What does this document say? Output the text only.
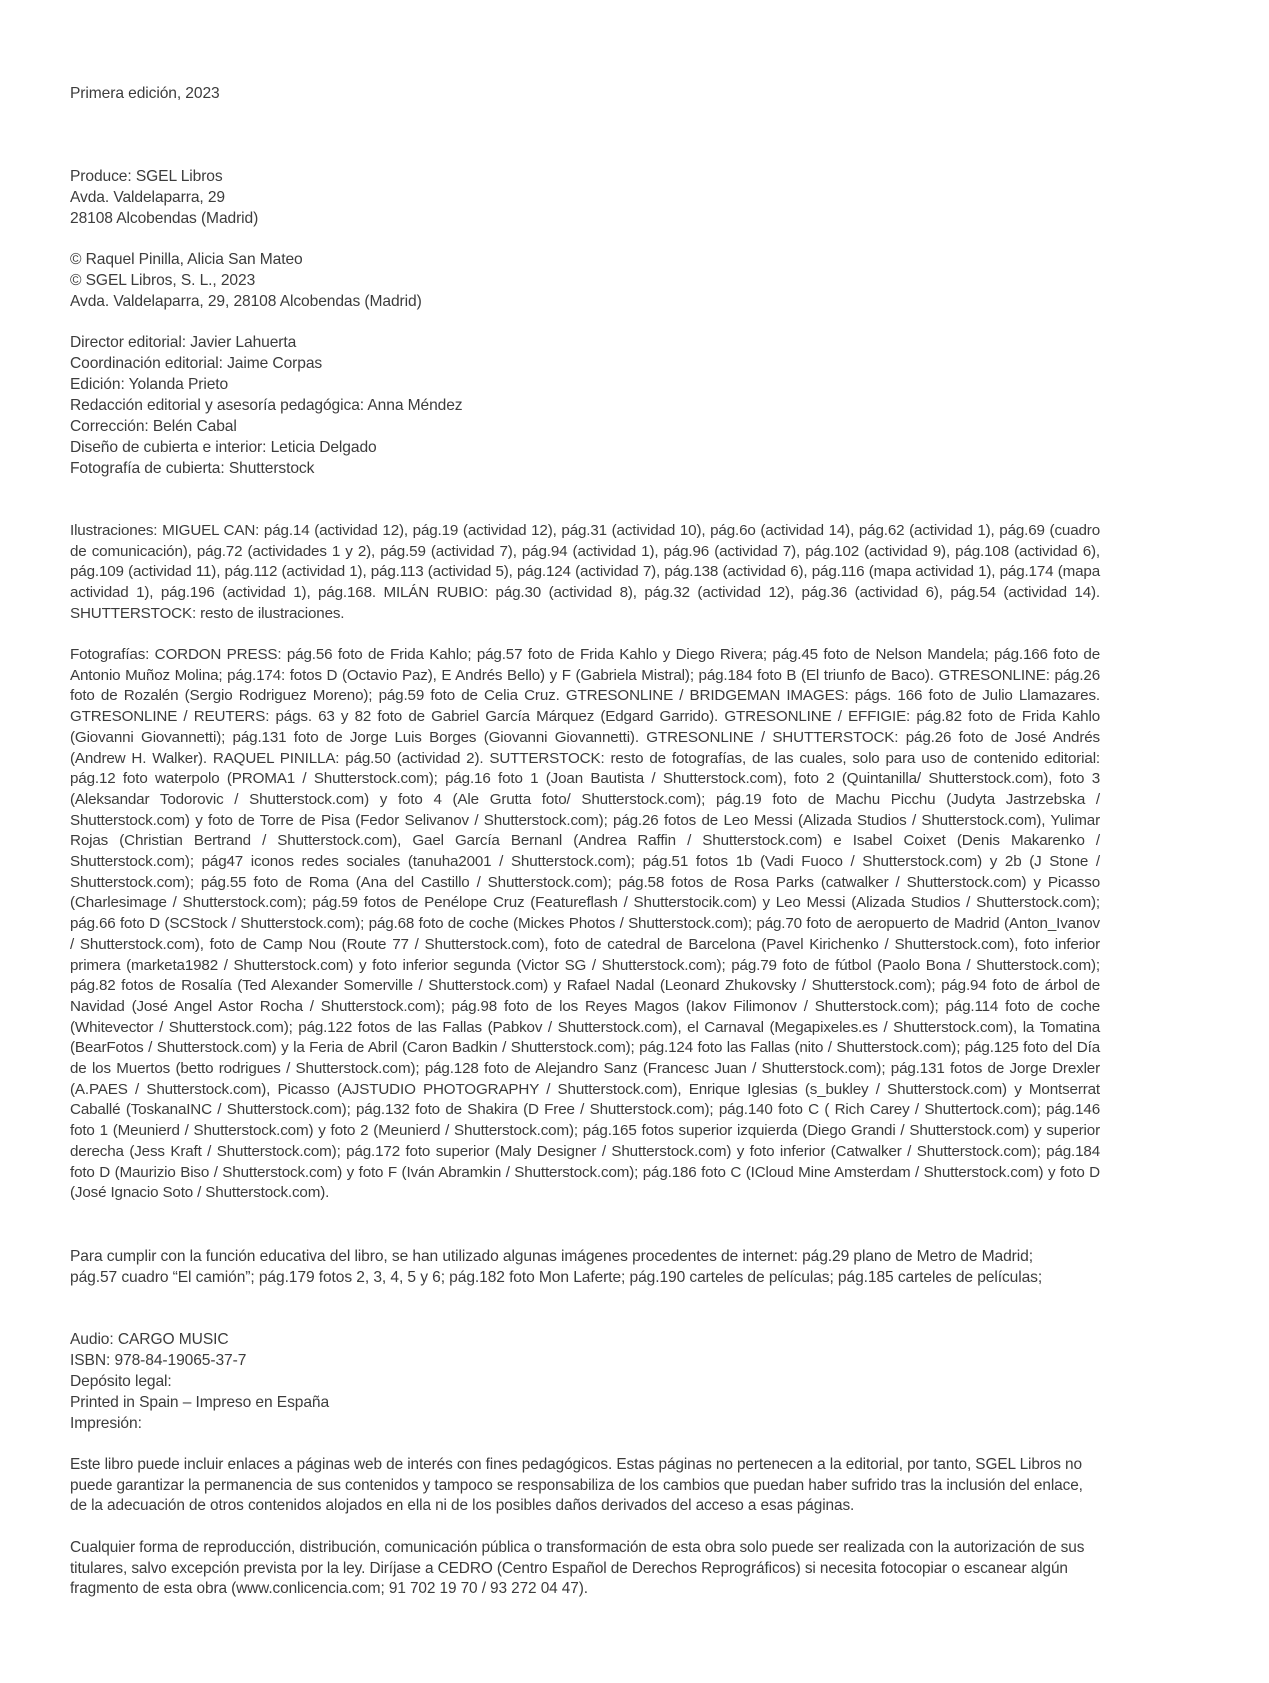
Primera edición, 2023
Produce: SGEL Libros
Avda. Valdelaparra, 29
28108 Alcobendas (Madrid)
© Raquel Pinilla, Alicia San Mateo
© SGEL Libros, S. L., 2023
Avda. Valdelaparra, 29, 28108 Alcobendas (Madrid)
Director editorial: Javier Lahuerta
Coordinación editorial: Jaime Corpas
Edición: Yolanda Prieto
Redacción editorial y asesoría pedagógica: Anna Méndez
Corrección: Belén Cabal
Diseño de cubierta e interior: Leticia Delgado
Fotografía de cubierta: Shutterstock
Ilustraciones: MIGUEL CAN: pág.14 (actividad 12), pág.19 (actividad 12), pág.31 (actividad 10), pág.6o (actividad 14), pág.62 (actividad 1), pág.69 (cuadro de comunicación), pág.72 (actividades 1 y 2), pág.59 (actividad 7), pág.94 (actividad 1), pág.96 (actividad 7), pág.102 (actividad 9), pág.108 (actividad 6), pág.109 (actividad 11), pág.112 (actividad 1), pág.113 (actividad 5), pág.124 (actividad 7), pág.138 (actividad 6), pág.116 (mapa actividad 1), pág.174 (mapa actividad 1), pág.196 (actividad 1), pág.168. MILÁN RUBIO: pág.30 (actividad 8), pág.32 (actividad 12), pág.36 (actividad 6), pág.54 (actividad 14). SHUTTERSTOCK: resto de ilustraciones.
Fotografías: CORDON PRESS: pág.56 foto de Frida Kahlo; pág.57 foto de Frida Kahlo y Diego Rivera; pág.45 foto de Nelson Mandela; pág.166 foto de Antonio Muñoz Molina; pág.174: fotos D (Octavio Paz), E Andrés Bello) y F (Gabriela Mistral); pág.184 foto B (El triunfo de Baco). GTRESONLINE: pág.26 foto de Rozalén (Sergio Rodriguez Moreno); pág.59 foto de Celia Cruz. GTRESONLINE / BRIDGEMAN IMAGES: págs. 166 foto de Julio Llamazares. GTRESONLINE / REUTERS: págs. 63 y 82 foto de Gabriel García Márquez (Edgard Garrido). GTRESONLINE / EFFIGIE: pág.82 foto de Frida Kahlo (Giovanni Giovannetti); pág.131 foto de Jorge Luis Borges (Giovanni Giovannetti). GTRESONLINE / SHUTTERSTOCK: pág.26 foto de José Andrés (Andrew H. Walker). RAQUEL PINILLA: pág.50 (actividad 2). SUTTERSTOCK: resto de fotografías, de las cuales, solo para uso de contenido editorial: pág.12 foto waterpolo (PROMA1 / Shutterstock.com); pág.16 foto 1 (Joan Bautista / Shutterstock.com), foto 2 (Quintanilla/ Shutterstock.com), foto 3 (Aleksandar Todorovic / Shutterstock.com) y foto 4 (Ale Grutta foto/ Shutterstock.com); pág.19 foto de Machu Picchu (Judyta Jastrzebska / Shutterstock.com) y foto de Torre de Pisa (Fedor Selivanov / Shutterstock.com); pág.26 fotos de Leo Messi (Alizada Studios / Shutterstock.com), Yulimar Rojas (Christian Bertrand / Shutterstock.com), Gael García Bernanl (Andrea Raffin / Shutterstock.com) e Isabel Coixet (Denis Makarenko / Shutterstock.com); pág47 iconos redes sociales (tanuha2001 / Shutterstock.com); pág.51 fotos 1b (Vadi Fuoco / Shutterstock.com) y 2b (J Stone / Shutterstock.com); pág.55 foto de Roma (Ana del Castillo / Shutterstock.com); pág.58 fotos de Rosa Parks (catwalker / Shutterstock.com) y Picasso (Charlesimage / Shutterstock.com); pág.59 fotos de Penélope Cruz (Featureflash / Shutterstocik.com) y Leo Messi (Alizada Studios / Shutterstock.com); pág.66 foto D (SCStock / Shutterstock.com); pág.68 foto de coche (Mickes Photos / Shutterstock.com); pág.70 foto de aeropuerto de Madrid (Anton_Ivanov / Shutterstock.com), foto de Camp Nou (Route 77 / Shutterstock.com), foto de catedral de Barcelona (Pavel Kirichenko / Shutterstock.com), foto inferior primera (marketa1982 / Shutterstock.com) y foto inferior segunda (Victor SG / Shutterstock.com); pág.79 foto de fútbol (Paolo Bona / Shutterstock.com); pág.82 fotos de Rosalía (Ted Alexander Somerville / Shutterstock.com) y Rafael Nadal (Leonard Zhukovsky / Shutterstock.com); pág.94 foto de árbol de Navidad (José Angel Astor Rocha / Shutterstock.com); pág.98 foto de los Reyes Magos (Iakov Filimonov / Shutterstock.com); pág.114 foto de coche (Whitevector / Shutterstock.com); pág.122 fotos de las Fallas (Pabkov / Shutterstock.com), el Carnaval (Megapixeles.es / Shutterstock.com), la Tomatina (BearFotos / Shutterstock.com) y la Feria de Abril (Caron Badkin / Shutterstock.com); pág.124 foto las Fallas (nito / Shutterstock.com); pág.125 foto del Día de los Muertos (betto rodrigues / Shutterstock.com); pág.128 foto de Alejandro Sanz (Francesc Juan / Shutterstock.com); pág.131 fotos de Jorge Drexler (A.PAES / Shutterstock.com), Picasso (AJSTUDIO PHOTOGRAPHY / Shutterstock.com), Enrique Iglesias (s_bukley / Shutterstock.com) y Montserrat Caballé (ToskanaINC / Shutterstock.com); pág.132 foto de Shakira (D Free / Shutterstock.com); pág.140 foto C ( Rich Carey / Shuttertock.com); pág.146 foto 1 (Meunierd / Shutterstock.com) y foto 2 (Meunierd / Shutterstock.com); pág.165 fotos superior izquierda (Diego Grandi / Shutterstock.com) y superior derecha (Jess Kraft / Shutterstock.com); pág.172 foto superior (Maly Designer / Shutterstock.com) y foto inferior (Catwalker / Shutterstock.com); pág.184 foto D (Maurizio Biso / Shutterstock.com) y foto F (Iván Abramkin / Shutterstock.com); pág.186 foto C (ICloud Mine Amsterdam / Shutterstock.com) y foto D (José Ignacio Soto / Shutterstock.com).
Para cumplir con la función educativa del libro, se han utilizado algunas imágenes procedentes de internet: pág.29 plano de Metro de Madrid;
pág.57 cuadro “El camión”; pág.179 fotos 2, 3, 4, 5 y 6; pág.182 foto Mon Laferte; pág.190 carteles de películas; pág.185 carteles de películas;
Audio: CARGO MUSIC
ISBN: 978-84-19065-37-7
Depósito legal:
Printed in Spain – Impreso en España
Impresión:
Este libro puede incluir enlaces a páginas web de interés con fines pedagógicos. Estas páginas no pertenecen a la editorial, por tanto, SGEL Libros no puede garantizar la permanencia de sus contenidos y tampoco se responsabiliza de los cambios que puedan haber sufrido tras la inclusión del enlace, de la adecuación de otros contenidos alojados en ella ni de los posibles daños derivados del acceso a esas páginas.
Cualquier forma de reproducción, distribución, comunicación pública o transformación de esta obra solo puede ser realizada con la autorización de sus titulares, salvo excepción prevista por la ley. Diríjase a CEDRO (Centro Español de Derechos Reprográficos) si necesita fotocopiar o escanear algún fragmento de esta obra (www.conlicencia.com; 91 702 19 70 / 93 272 04 47).
